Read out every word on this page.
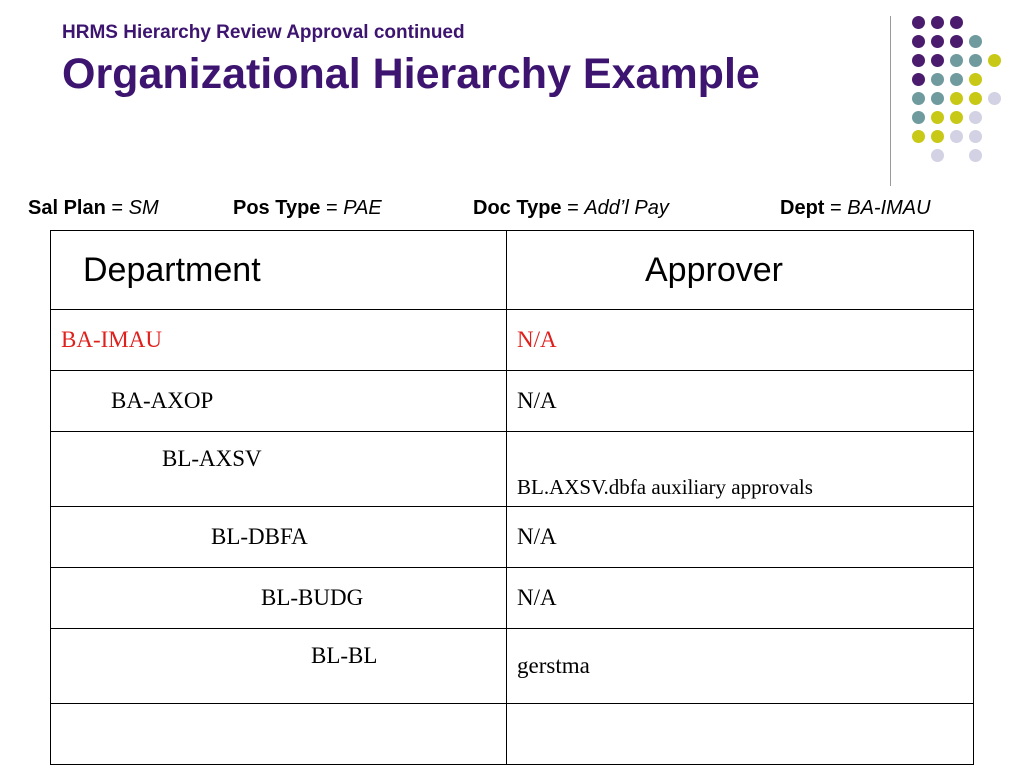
HRMS Hierarchy Review Approval continued
Organizational Hierarchy Example
Sal Plan = SM	Pos Type = PAE	Doc Type = Add’l Pay	Dept = BA-IMAU
Department	Approver
BA-IMAU	N/A
BA-AXOP	N/A
BL-AXSV	BL.AXSV.dbfa auxiliary approvals
BL-DBFA	N/A
BL-BUDG	N/A
BL-BL	gerstma
